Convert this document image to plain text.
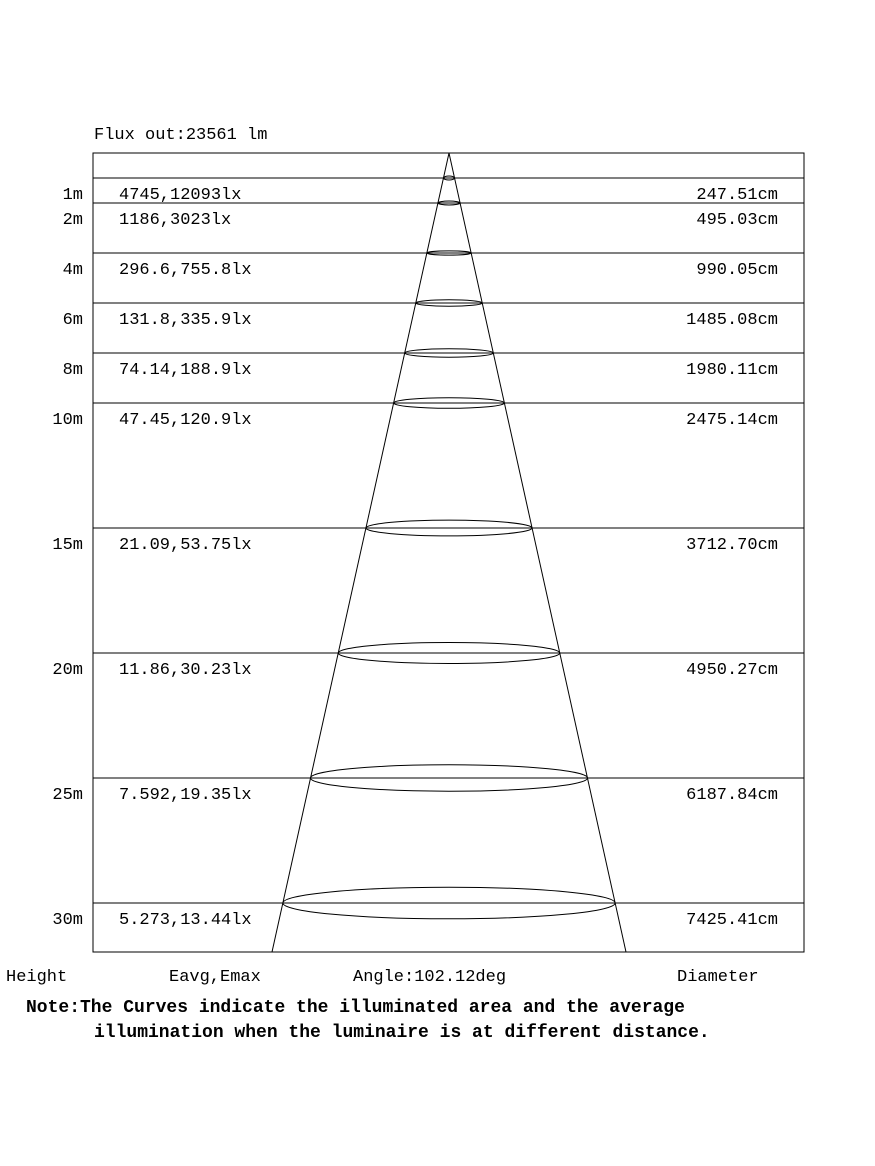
Flux out:23561 lm
1m 4745,12093lx	247.51cm
2m 1186,3023lx	495.03cm
4m 296.6,755.8lx	990.05cm
6m 131.8,335.9lx	1485.08cm
8m 74.14,188.9lx	1980.11cm
10m 47.45,120.9lx	2475.14cm
15m 21.09,53.75lx	3712.70cm
20m 11.86,30.23lx	4950.27cm
25m 7.592,19.35lx	6187.84cm
30m 5.273,13.44lx	7425.41cm
Height	Eavg,Emax	Angle:102.12deg	Diameter
Note:The Curves indicate the illuminated area and the average
illumination when the luminaire is at different distance.
